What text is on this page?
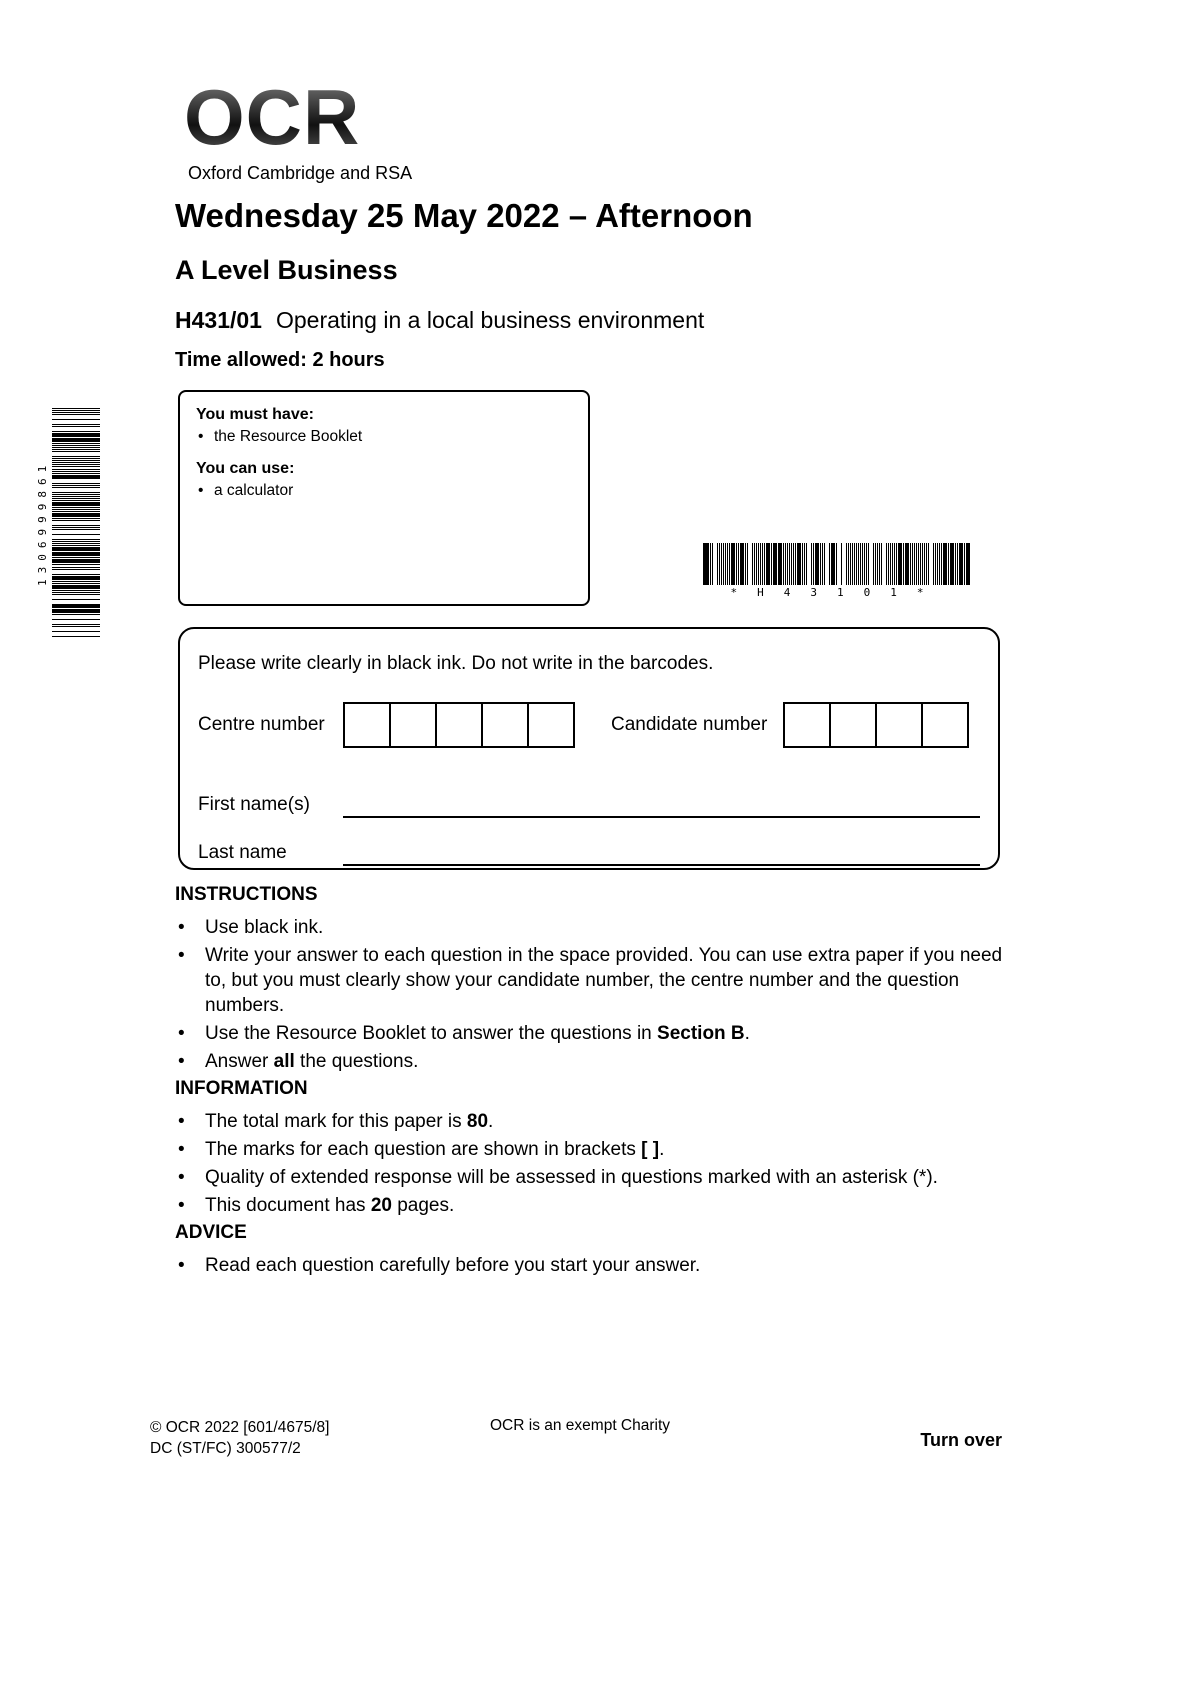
OCR
Oxford Cambridge and RSA
Wednesday 25 May 2022 – Afternoon
A Level Business
H431/01 Operating in a local business environment
Time allowed: 2 hours
You must have:
• the Resource Booklet
You can use:
• a calculator
1306999861
*H43101*
Please write clearly in black ink. Do not write in the barcodes.
Centre number	Candidate number
First name(s)
Last name
INSTRUCTIONS
•	Use black ink.
•	Write your answer to each question in the space provided. You can use extra paper if you need to, but you must clearly show your candidate number, the centre number and the question numbers.
•	Use the Resource Booklet to answer the questions in Section B.
•	Answer all the questions.
INFORMATION
•	The total mark for this paper is 80.
•	The marks for each question are shown in brackets [ ].
•	Quality of extended response will be assessed in questions marked with an asterisk (*).
•	This document has 20 pages.
ADVICE
•	Read each question carefully before you start your answer.
© OCR 2022 [601/4675/8]
DC (ST/FC) 300577/2
OCR is an exempt Charity
Turn over
